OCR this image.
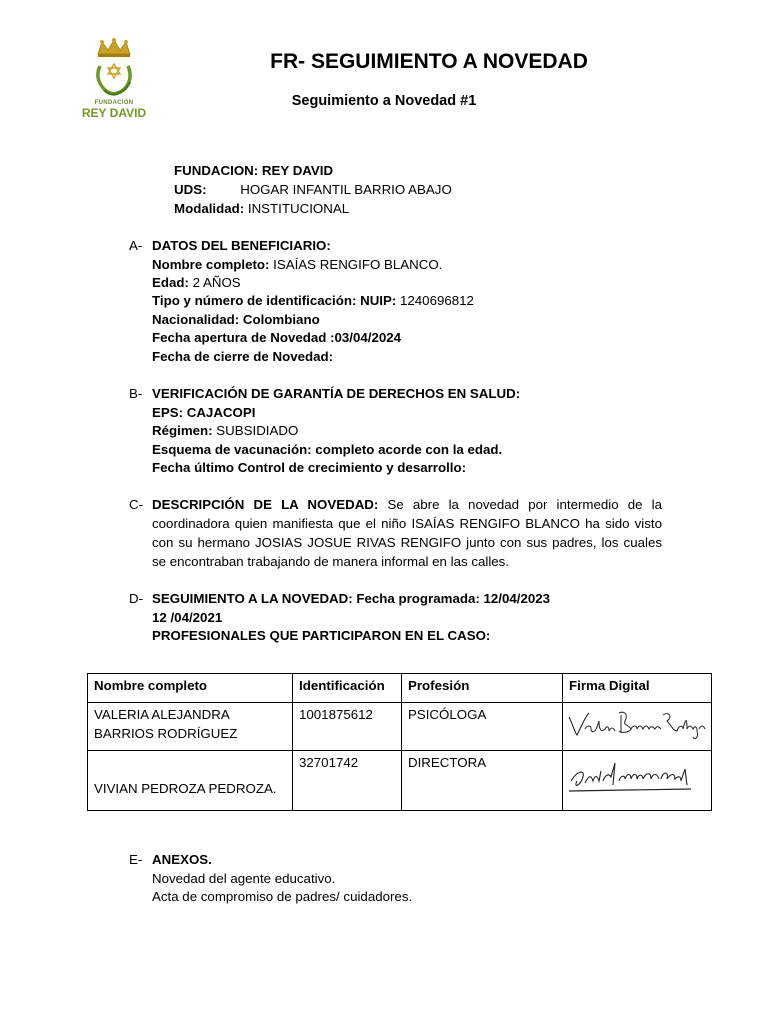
FUNDACIÓN
REY DAVID
FR- SEGUIMIENTO A NOVEDAD
Seguimiento a Novedad #1
FUNDACION: REY DAVID
UDS:	HOGAR INFANTIL BARRIO ABAJO
Modalidad: INSTITUCIONAL
A- DATOS DEL BENEFICIARIO:
Nombre completo: ISAÍAS RENGIFO BLANCO.
Edad: 2 AÑOS
Tipo y número de identificación: NUIP: 1240696812
Nacionalidad: Colombiano
Fecha apertura de Novedad :03/04/2024
Fecha de cierre de Novedad:
B- VERIFICACIÓN DE GARANTÍA DE DERECHOS EN SALUD:
EPS: CAJACOPI
Régimen: SUBSIDIADO
Esquema de vacunación: completo acorde con la edad.
Fecha último Control de crecimiento y desarrollo:
C- DESCRIPCIÓN DE LA NOVEDAD: Se abre la novedad por intermedio de la coordinadora quien manifiesta que el niño ISAÍAS RENGIFO BLANCO ha sido visto con su hermano JOSIAS JOSUE RIVAS RENGIFO junto con sus padres, los cuales se encontraban trabajando de manera informal en las calles.
D- SEGUIMIENTO A LA NOVEDAD: Fecha programada: 12/04/2023
12 /04/2021
PROFESIONALES QUE PARTICIPARON EN EL CASO:
Nombre completo	Identificación	Profesión	Firma Digital
VALERIA ALEJANDRA BARRIOS RODRÍGUEZ	1001875612	PSICÓLOGA	

VIVIAN PEDROZA PEDROZA.	32701742	DIRECTORA	
E- ANEXOS.
Novedad del agente educativo.
Acta de compromiso de padres/ cuidadores.
